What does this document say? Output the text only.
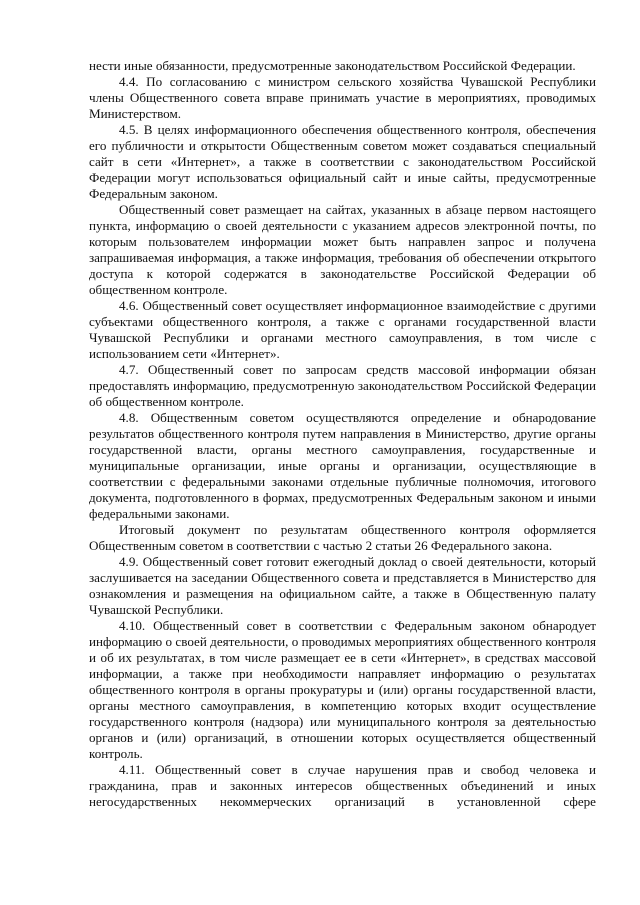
нести иные обязанности, предусмотренные законодательством Российской Федерации.

4.4. По согласованию с министром сельского хозяйства Чувашской Республики члены Общественного совета вправе принимать участие в мероприятиях, проводимых Министерством.

4.5. В целях информационного обеспечения общественного контроля, обеспечения его публичности и открытости Общественным советом может создаваться специальный сайт в сети «Интернет», а также в соответствии с законодательством Российской Федерации могут использоваться официальный сайт и иные сайты, предусмотренные Федеральным законом.

Общественный совет размещает на сайтах, указанных в абзаце первом настоящего пункта, информацию о своей деятельности с указанием адресов электронной почты, по которым пользователем информации может быть направлен запрос и получена запрашиваемая информация, а также информация, требования об обеспечении открытого доступа к которой содержатся в законодательстве Российской Федерации об общественном контроле.

4.6. Общественный совет осуществляет информационное взаимодействие с другими субъектами общественного контроля, а также с органами государственной власти Чувашской Республики и органами местного самоуправления, в том числе с использованием сети «Интернет».

4.7. Общественный совет по запросам средств массовой информации обязан предоставлять информацию, предусмотренную законодательством Российской Федерации об общественном контроле.

4.8. Общественным советом осуществляются определение и обнародование результатов общественного контроля путем направления в Министерство, другие органы государственной власти, органы местного самоуправления, государственные и муниципальные организации, иные органы и организации, осуществляющие в соответствии с федеральными законами отдельные публичные полномочия, итогового документа, подготовленного в формах, предусмотренных Федеральным законом и иными федеральными законами.

Итоговый документ по результатам общественного контроля оформляется Общественным советом в соответствии с частью 2 статьи 26 Федерального закона.

4.9. Общественный совет готовит ежегодный доклад о своей деятельности, который заслушивается на заседании Общественного совета и представляется в Министерство для ознакомления и размещения на официальном сайте, а также в Общественную палату Чувашской Республики.

4.10. Общественный совет в соответствии с Федеральным законом обнародует информацию о своей деятельности, о проводимых мероприятиях общественного контроля и об их результатах, в том числе размещает ее в сети «Интернет», в средствах массовой информации, а также при необходимости направляет информацию о результатах общественного контроля в органы прокуратуры и (или) органы государственной власти, органы местного самоуправления, в компетенцию которых входит осуществление государственного контроля (надзора) или муниципального контроля за деятельностью органов и (или) организаций, в отношении которых осуществляется общественный контроль.

4.11. Общественный совет в случае нарушения прав и свобод человека и гражданина, прав и законных интересов общественных объединений и иных негосударственных некоммерческих организаций в установленной сфере
